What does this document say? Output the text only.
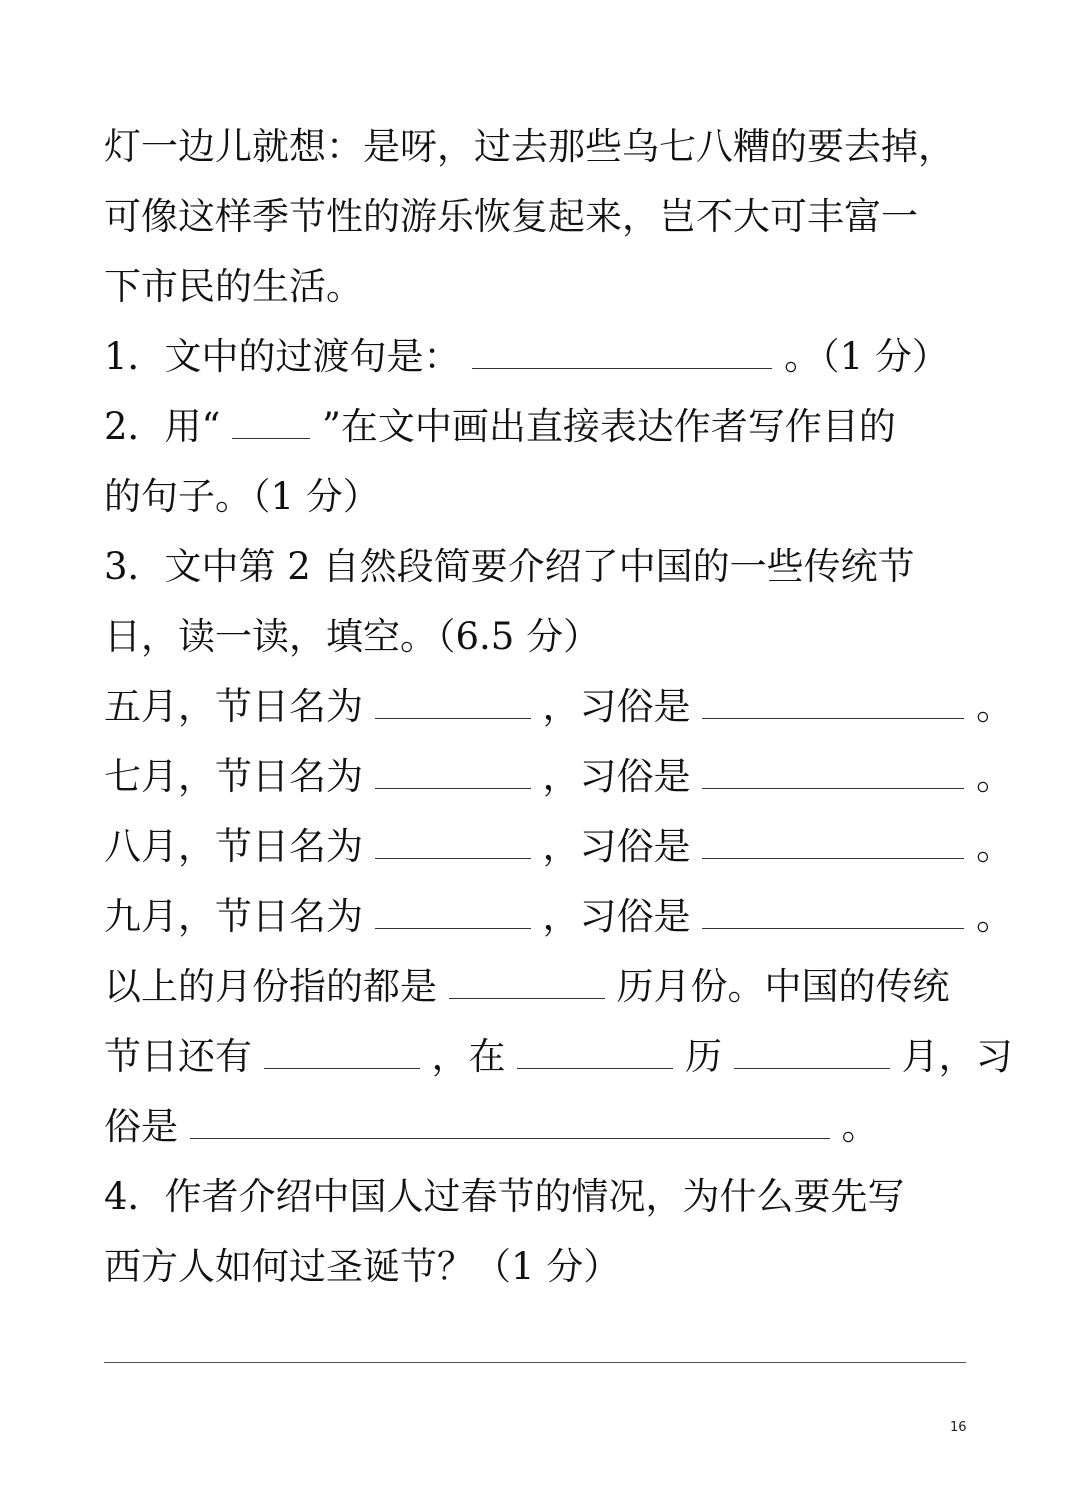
灯一边儿就想：是呀，过去那些乌七八糟的要去掉，
可像这样季节性的游乐恢复起来，岂不大可丰富一
下市民的生活。
1．文中的过渡句是：	。（1 分）
2．用“	”在文中画出直接表达作者写作目的
的句子。（1 分）
3．文中第 2 自然段简要介绍了中国的一些传统节
日，读一读，填空。（6.5 分）
五月，节日名为	，习俗是	。
七月，节日名为	，习俗是	。
八月，节日名为	，习俗是	。
九月，节日名为	，习俗是	。
以上的月份指的都是	历月份。中国的传统
节日还有	，在	历	月，习
俗是	。
4．作者介绍中国人过春节的情况，为什么要先写
西方人如何过圣诞节？（1 分）
16
